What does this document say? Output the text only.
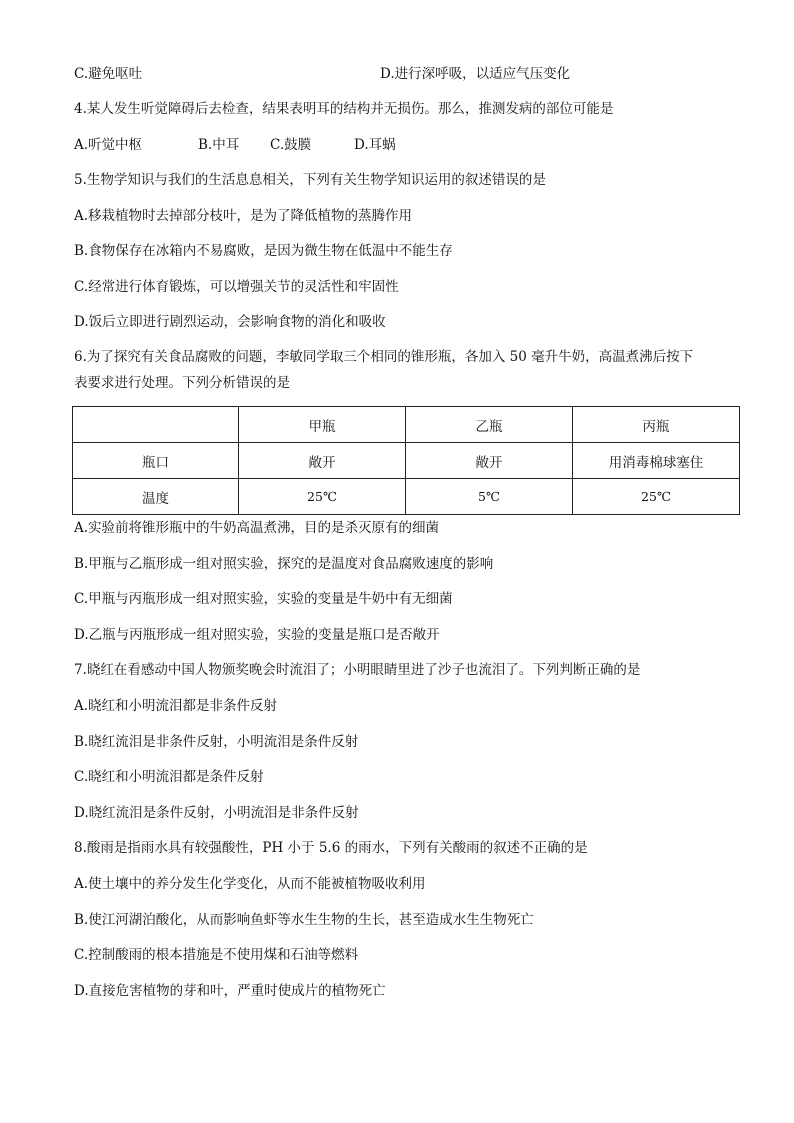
C.避免呕吐	D.进行深呼吸，以适应气压变化
4.某人发生听觉障碍后去检查，结果表明耳的结构并无损伤。那么，推测发病的部位可能是
A.听觉中枢	B.中耳 C.鼓膜	D.耳蜗
5.生物学知识与我们的生活息息相关，下列有关生物学知识运用的叙述错误的是
A.移栽植物时去掉部分枝叶，是为了降低植物的蒸腾作用
B.食物保存在冰箱内不易腐败，是因为微生物在低温中不能生存
C.经常进行体育锻炼，可以增强关节的灵活性和牢固性
D.饭后立即进行剧烈运动，会影响食物的消化和吸收
6.为了探究有关食品腐败的问题，李敏同学取三个相同的锥形瓶，各加入 50 毫升牛奶，高温煮沸后按下
表要求进行处理。下列分析错误的是
	甲瓶	乙瓶	丙瓶
瓶口	敞开	敞开	用消毒棉球塞住
温度	25℃	5℃	25℃
A.实验前将锥形瓶中的牛奶高温煮沸，目的是杀灭原有的细菌
B.甲瓶与乙瓶形成一组对照实验，探究的是温度对食品腐败速度的影响
C.甲瓶与丙瓶形成一组对照实验，实验的变量是牛奶中有无细菌
D.乙瓶与丙瓶形成一组对照实验，实验的变量是瓶口是否敞开
7.晓红在看感动中国人物颁奖晚会时流泪了；小明眼睛里进了沙子也流泪了。下列判断正确的是
A.晓红和小明流泪都是非条件反射
B.晓红流泪是非条件反射，小明流泪是条件反射
C.晓红和小明流泪都是条件反射
D.晓红流泪是条件反射，小明流泪是非条件反射
8.酸雨是指雨水具有较强酸性，PH 小于 5.6 的雨水，下列有关酸雨的叙述不正确的是
A.使土壤中的养分发生化学变化，从而不能被植物吸收利用
B.使江河湖泊酸化，从而影响鱼虾等水生生物的生长，甚至造成水生生物死亡
C.控制酸雨的根本措施是不使用煤和石油等燃料
D.直接危害植物的芽和叶，严重时使成片的植物死亡
